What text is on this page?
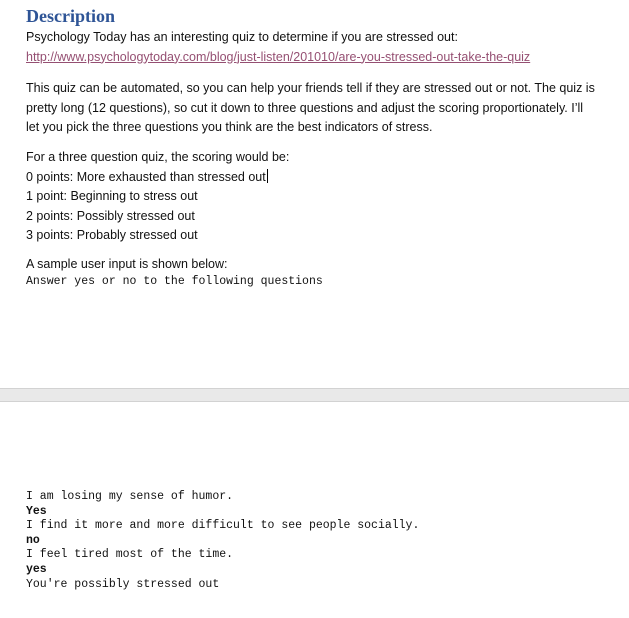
Description

Psychology Today has an interesting quiz to determine if you are stressed out:

http://www.psychologytoday.com/blog/just-listen/201010/are-you-stressed-out-take-the-quiz

This quiz can be automated, so you can help your friends tell if they are stressed out or not. The quiz is

pretty long (12 questions), so cut it down to three questions and adjust the scoring proportionately. I’ll

let you pick the three questions you think are the best indicators of stress.

For a three question quiz, the scoring would be:

0 points: More exhausted than stressed out

1 point: Beginning to stress out

2 points: Possibly stressed out

3 points: Probably stressed out

A sample user input is shown below:

Answer yes or no to the following questions

I am losing my sense of humor.

Yes

I find it more and more difficult to see people socially.

no

I feel tired most of the time.

yes

You're possibly stressed out
